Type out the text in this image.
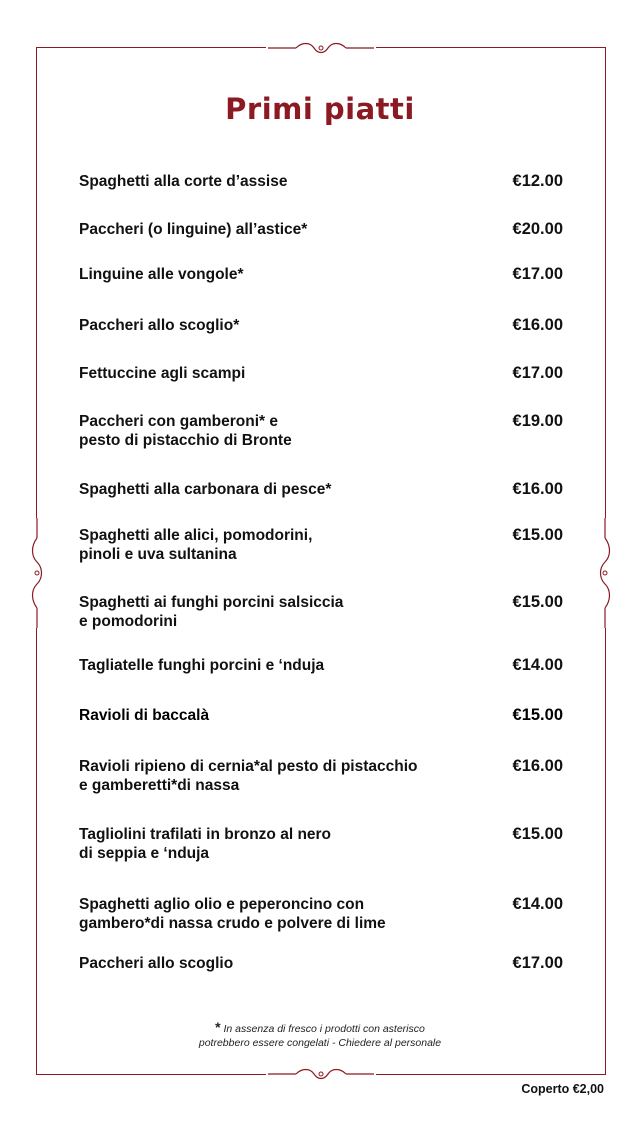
Primi piatti
Spaghetti alla corte d’assise	€12.00
Paccheri (o linguine) all’astice*	€20.00
Linguine alle vongole*	€17.00
Paccheri allo scoglio*	€16.00
Fettuccine agli scampi	€17.00
Paccheri con gamberoni* e
pesto di pistacchio di Bronte
€19.00
Spaghetti alla carbonara di pesce*	€16.00
Spaghetti alle alici, pomodorini,
pinoli e uva sultanina
€15.00
Spaghetti ai funghi porcini salsiccia
e pomodorini
€15.00
Tagliatelle funghi porcini e ‘nduja	€14.00
Ravioli di baccalà	€15.00
Ravioli ripieno di cernia*al pesto di pistacchio
e gamberetti*di nassa
€16.00
Tagliolini trafilati in bronzo al nero
di seppia e ‘nduja
€15.00
Spaghetti aglio olio e peperoncino con
gambero*di nassa crudo e polvere di lime
€14.00
Paccheri allo scoglio	€17.00
* In assenza di fresco i prodotti con asterisco
potrebbero essere congelati - Chiedere al personale
Coperto €2,00
